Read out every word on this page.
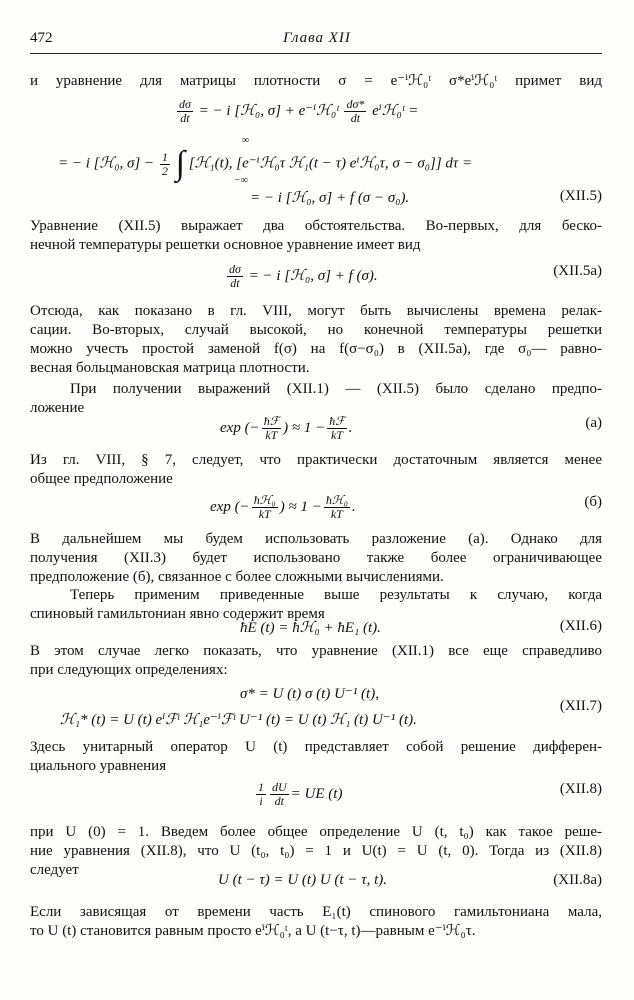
472	Глава XII
и уравнение для матрицы плотности σ = e⁻ⁱℋ₀ᵗ σ*eⁱℋ₀ᵗ примет вид
$\frac{d\sigma}{dt}$ = − i [ℋ₀, σ] + e⁻ⁱℋ₀ᵗ $\frac{d\sigma*}{dt}$ eⁱℋ₀ᵗ =
= − i [ℋ₀, $\sigma] - \frac{1}{2}$ ∫ [ℋ₁(t), [e⁻ⁱℋ₀τ ℋ₁(t − τ) eⁱℋ₀τ, σ − σ₀]] dτ =
∞
−∞
= − i [ℋ₀, σ] + f (σ − σ₀).	(XII.5)
Уравнение (XII.5) выражает два обстоятельства. Во-первых, для беско-
нечной температуры решетки основное уравнение имеет вид
$\frac{d\sigma}{dt}$ = − i [ℋ₀, σ] + f (σ).	(XII.5a)
Отсюда, как показано в гл. VIII, могут быть вычислены времена релак-
сации. Во-вторых, случай высокой, но конечной температуры решетки
можно учесть простой заменой f(σ) на f(σ−σ₀) в (XII.5a), где σ₀— равно-
весная больцмановская матрица плотности.
При получении выражений (XII.1) — (XII.5) было сделано предпо-
ложение
exp (− $\frac{\text{ħℱ}}{kT}$ ) ≈ $1 - \frac{\text{ħℱ}}{kT}$ .	(a)
Из гл. VIII, § 7, следует, что практически достаточным является менее
общее предположение
exp (− $\frac{\text{ħℋ₀}}{kT}$ ) ≈ $1 - \frac{\text{ħℋ₀}}{kT}$ .	(б)
В дальнейшем мы будем использовать разложение (а). Однако для
получения (XII.3) будет использовано также более ограничивающее
предположение (б), связанное с более сложными вычислениями.
Теперь применим приведенные выше результаты к случаю, когда
спиновый гамильтониан явно содержит время
ħE (t) = ħℋ₀ + ħE₁ (t).	(XII.6)
В этом случае легко показать, что уравнение (XII.1) все еще справедливо
при следующих определениях:
σ* = U (t) σ (t) U⁻¹ (t),
ℋ₁* (t) = U (t) eⁱℱᵗ ℋ₁e⁻ⁱℱᵗ U⁻¹ (t) = U (t) ℋ₁ (t) U⁻¹ (t).
(XII.7)
Здесь унитарный оператор U (t) представляет собой решение дифферен-
циального уравнения
$\frac{1}{i} \frac{dU}{dt}$ = UE (t)	(XII.8)
при U (0) = 1. Введем более общее определение U (t, t₀) как такое реше-
ние уравнения (XII.8), что U (t₀, t₀) = 1 и U(t) = U (t, 0). Тогда из (XII.8)
следует
U (t − τ) = U (t) U (t − τ, t).	(XII.8a)
Если зависящая от времени часть E₁(t) спинового гамильтониана мала,
то U (t) становится равным просто eⁱℋ₀ᵗ, а U (t−τ, t)—равным e⁻ⁱℋ₀τ.
